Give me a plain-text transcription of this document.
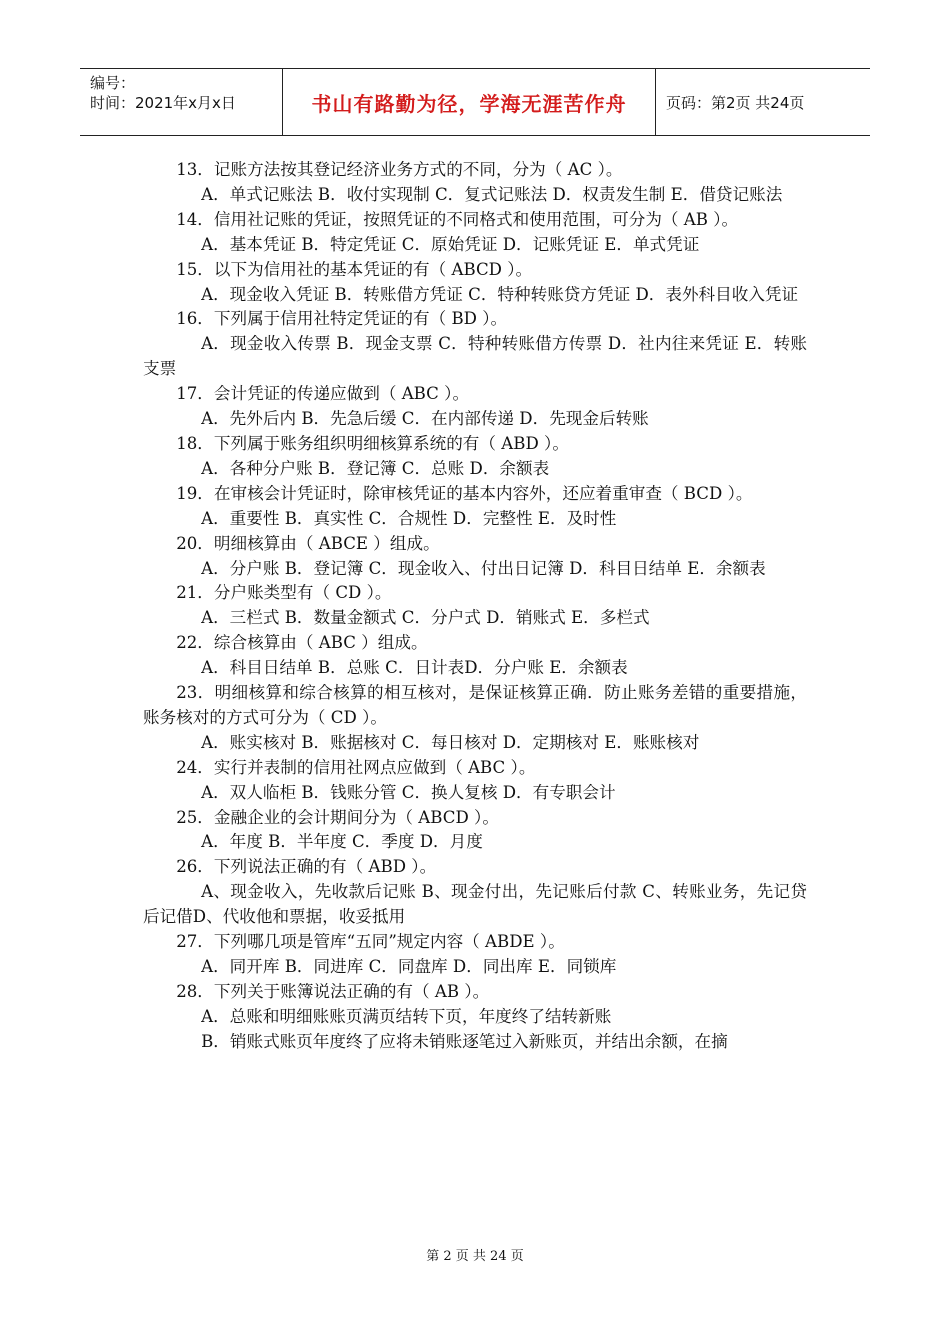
编号：
时间：2021年x月x日	书山有路勤为径，学海无涯苦作舟	页码：第2页 共24页

13．记账方法按其登记经济业务方式的不同，分为（ AC ）。

A．单式记账法 B．收付实现制 C．复式记账法 D．权责发生制 E．借贷记账法

14．信用社记账的凭证，按照凭证的不同格式和使用范围，可分为（ AB ）。

A．基本凭证 B．特定凭证 C．原始凭证 D．记账凭证 E．单式凭证

15．以下为信用社的基本凭证的有（ ABCD ）。

A．现金收入凭证 B．转账借方凭证 C．特种转账贷方凭证 D．表外科目收入凭证

16．下列属于信用社特定凭证的有（ BD ）。

A．现金收入传票 B．现金支票 C．特种转账借方传票 D．社内往来凭证 E．转账支票

17．会计凭证的传递应做到（ ABC ）。

A．先外后内 B．先急后缓 C．在内部传递 D．先现金后转账

18．下列属于账务组织明细核算系统的有（ ABD ）。

A．各种分户账 B．登记簿 C．总账 D．余额表

19．在审核会计凭证时，除审核凭证的基本内容外，还应着重审查（ BCD ）。

A．重要性 B．真实性 C．合规性 D．完整性 E．及时性

20．明细核算由（ ABCE ）组成。

A．分户账 B．登记簿 C．现金收入、付出日记簿 D．科目日结单 E．余额表

21．分户账类型有（ CD ）。

A．三栏式 B．数量金额式 C．分户式 D．销账式 E．多栏式

22．综合核算由（ ABC ）组成。

A．科目日结单 B．总账 C．日计表D．分户账 E．余额表

23．明细核算和综合核算的相互核对，是保证核算正确．防止账务差错的重要措施，账务核对的方式可分为（ CD ）。

A．账实核对 B．账据核对 C．每日核对 D．定期核对 E．账账核对

24．实行并表制的信用社网点应做到（ ABC ）。

A．双人临柜 B．钱账分管 C．换人复核 D．有专职会计

25．金融企业的会计期间分为（ ABCD ）。

A．年度 B．半年度 C．季度 D．月度

26．下列说法正确的有（ ABD ）。

A、现金收入，先收款后记账 B、现金付出，先记账后付款 C、转账业务，先记贷后记借D、代收他和票据，收妥抵用

27．下列哪几项是管库“五同”规定内容（ ABDE ）。

A．同开库 B．同进库 C．同盘库 D．同出库 E．同锁库

28．下列关于账簿说法正确的有（ AB ）。

A．总账和明细账账页满页结转下页，年度终了结转新账

B．销账式账页年度终了应将未销账逐笔过入新账页，并结出余额，在摘

第 2 页 共 24 页
